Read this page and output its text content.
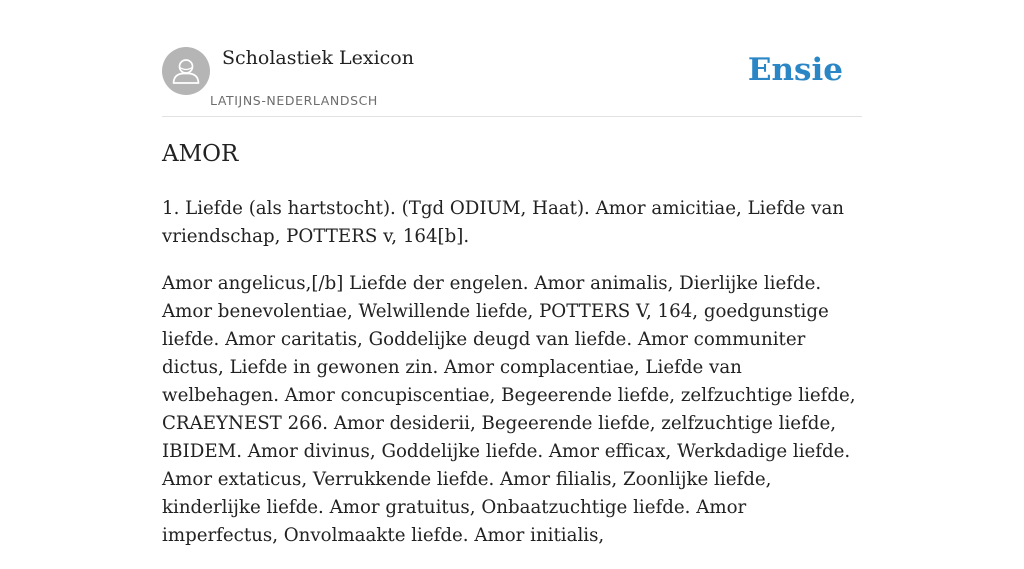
Scholastiek Lexicon
LATIJNS-NEDERLANDSCH
Ensie
AMOR

1. Liefde (als hartstocht). (Tgd ODIUM, Haat). Amor amicitiae, Liefde van vriendschap, POTTERS v, 164[b].

Amor angelicus,[/b] Liefde der engelen. Amor animalis, Dierlijke liefde. Amor benevolentiae, Welwillende liefde, POTTERS V, 164, goedgunstige liefde. Amor caritatis, Goddelijke deugd van liefde. Amor communiter dictus, Liefde in gewonen zin. Amor complacentiae, Liefde van welbehagen. Amor concupiscentiae, Begeerende liefde, zelfzuchtige liefde, CRAEYNEST 266. Amor desiderii, Begeerende liefde, zelfzuchtige liefde, IBIDEM. Amor divinus, Goddelijke liefde. Amor efficax, Werkdadige liefde. Amor extaticus, Verrukkende liefde. Amor filialis, Zoonlijke liefde, kinderlijke liefde. Amor gratuitus, Onbaatzuchtige liefde. Amor imperfectus, Onvolmaakte liefde. Amor initialis,
